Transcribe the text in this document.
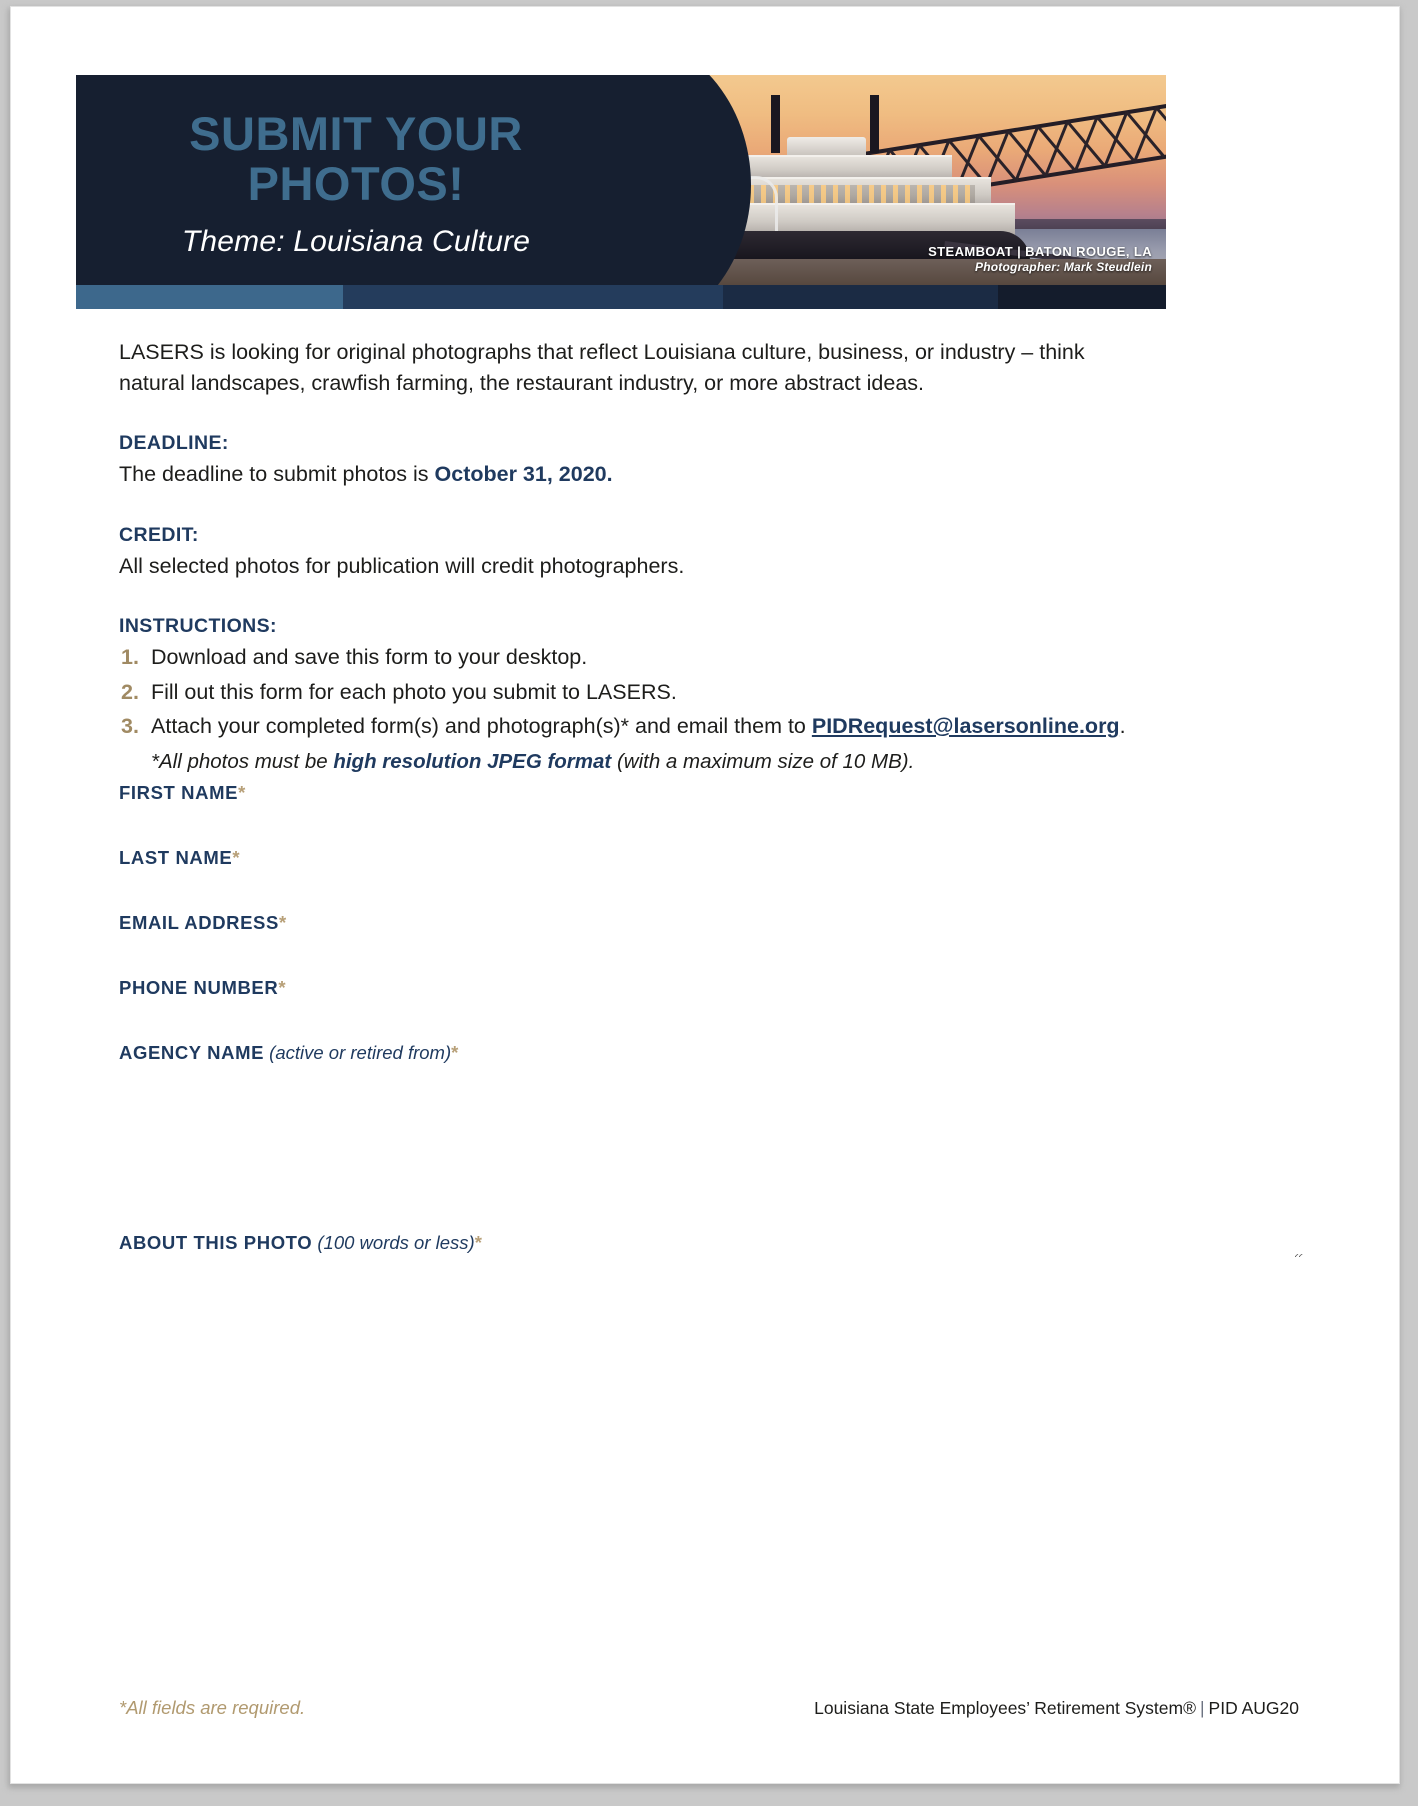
STEAMBOAT | BATON ROUGE, LA
Photographer: Mark Steudlein
SUBMIT YOUR
PHOTOS!
Theme: Louisiana Culture

LASERS is looking for original photographs that reflect Louisiana culture, business, or industry – think natural landscapes, crawfish farming, the restaurant industry, or more abstract ideas.

DEADLINE:
The deadline to submit photos is October 31, 2020.
CREDIT:
All selected photos for publication will credit photographers.
INSTRUCTIONS:
1. Download and save this form to your desktop.
2. Fill out this form for each photo you submit to LASERS.
3. Attach your completed form(s) and photograph(s)* and email them to PIDRequest@lasersonline.org.
*All photos must be high resolution JPEG format (with a maximum size of 10 MB).
FIRST NAME*
LAST NAME*
EMAIL ADDRESS*
PHONE NUMBER*
AGENCY NAME (active or retired from)*
ABOUT THIS PHOTO (100 words or less)*
*All fields are required.	Louisiana State Employees’ Retirement System® | PID AUG20
